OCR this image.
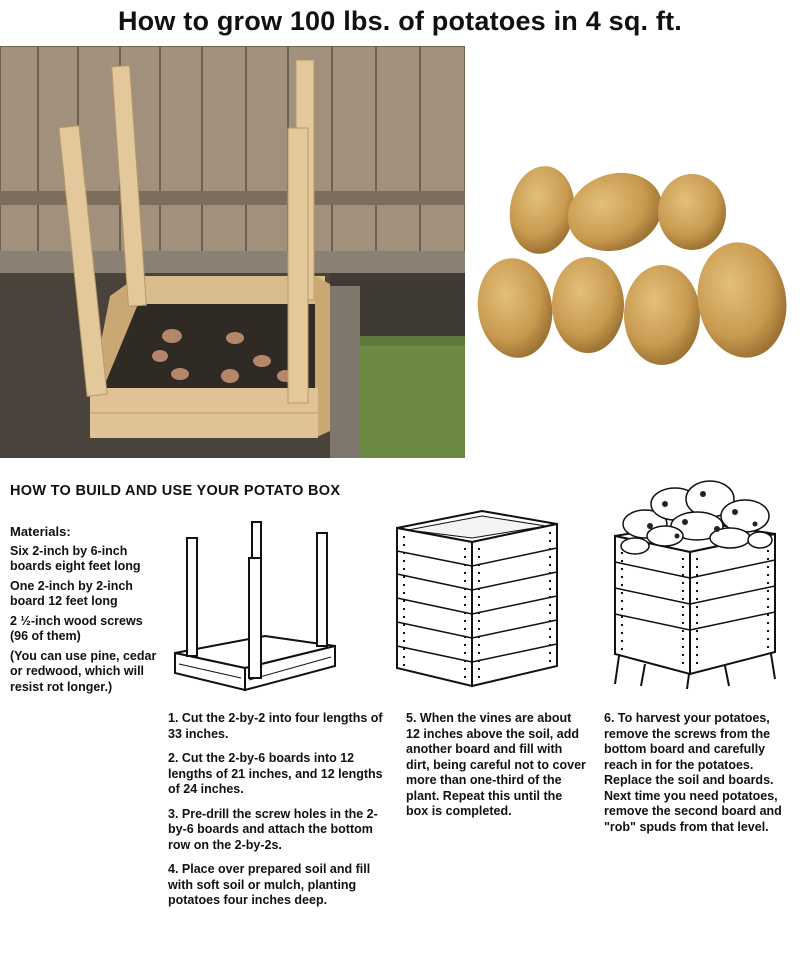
How to grow 100 lbs. of potatoes in 4 sq. ft.
HOW TO BUILD AND USE YOUR POTATO BOX

Materials:

Six 2-inch by 6-inch boards eight feet long

One 2-inch by 2-inch board 12 feet long

2 ½-inch wood screws (96 of them)

(You can use pine, cedar or redwood, which will resist rot longer.)

1. Cut the 2-by-2 into four lengths of 33 inches.

2. Cut the 2-by-6 boards into 12 lengths of 21 inches, and 12 lengths of 24 inches.

3. Pre-drill the screw holes in the 2-by-6 boards and attach the bottom row on the 2-by-2s.

4. Place over prepared soil and fill with soft soil or mulch, planting potatoes four inches deep.

5. When the vines are about 12 inches above the soil, add another board and fill with dirt, being careful not to cover more than one-third of the plant. Repeat this until the box is completed.

6. To harvest your potatoes, remove the screws from the bottom board and carefully reach in for the potatoes. Replace the soil and boards. Next time you need potatoes, remove the second board and "rob" spuds from that level.
